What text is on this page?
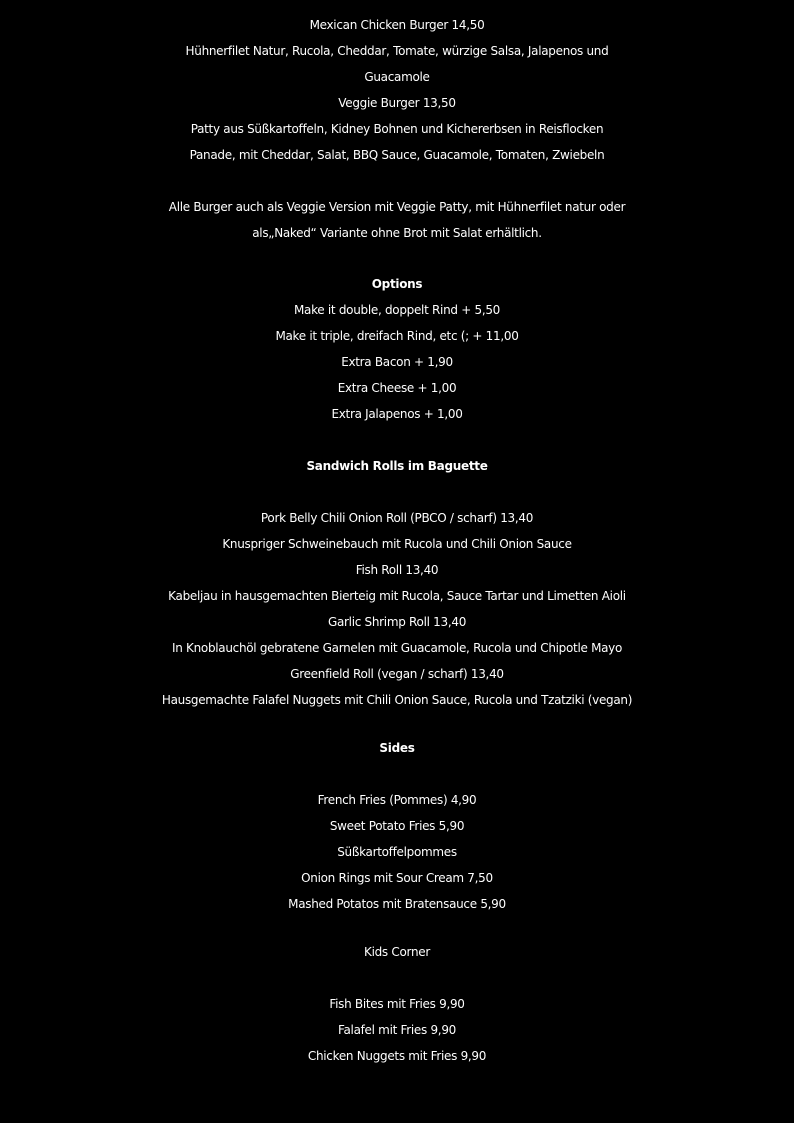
Mexican Chicken Burger 14,50
Hühnerfilet Natur, Rucola, Cheddar, Tomate, würzige Salsa, Jalapenos und
Guacamole
Veggie Burger 13,50
Patty aus Süßkartoffeln, Kidney Bohnen und Kichererbsen in Reisflocken
Panade, mit Cheddar, Salat, BBQ Sauce, Guacamole, Tomaten, Zwiebeln
Alle Burger auch als Veggie Version mit Veggie Patty, mit Hühnerfilet natur oder
als„Naked“ Variante ohne Brot mit Salat erhältlich.
Options
Make it double, doppelt Rind + 5,50
Make it triple, dreifach Rind, etc (; + 11,00
Extra Bacon + 1,90
Extra Cheese + 1,00
Extra Jalapenos + 1,00
Sandwich Rolls im Baguette
Pork Belly Chili Onion Roll (PBCO / scharf) 13,40
Knuspriger Schweinebauch mit Rucola und Chili Onion Sauce
Fish Roll 13,40
Kabeljau in hausgemachten Bierteig mit Rucola, Sauce Tartar und Limetten Aioli
Garlic Shrimp Roll 13,40
In Knoblauchöl gebratene Garnelen mit Guacamole, Rucola und Chipotle Mayo
Greenfield Roll (vegan / scharf) 13,40
Hausgemachte Falafel Nuggets mit Chili Onion Sauce, Rucola und Tzatziki (vegan)
Sides
French Fries (Pommes) 4,90
Sweet Potato Fries 5,90
Süßkartoffelpommes
Onion Rings mit Sour Cream 7,50
Mashed Potatos mit Bratensauce 5,90
Kids Corner
Fish Bites mit Fries 9,90
Falafel mit Fries 9,90
Chicken Nuggets mit Fries 9,90
